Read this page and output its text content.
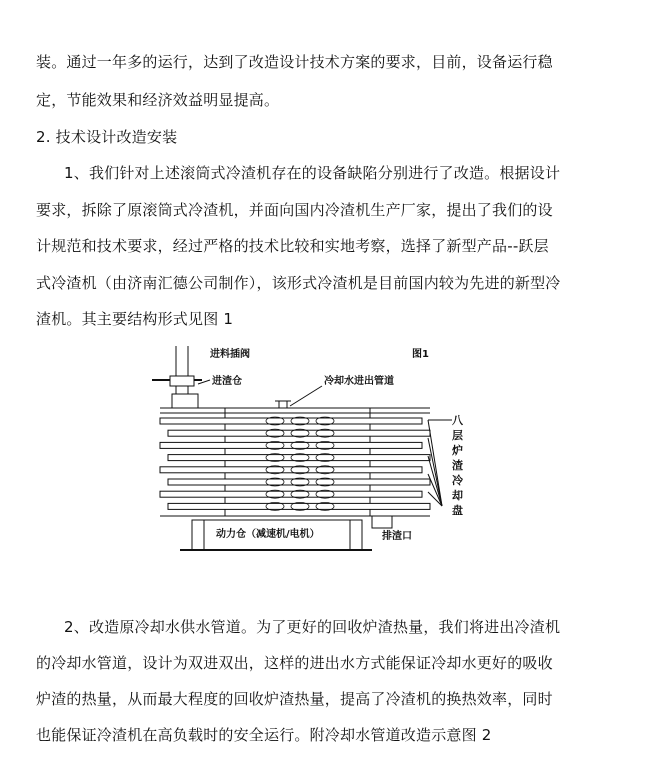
装。通过一年多的运行，达到了改造设计技术方案的要求，目前，设备运行稳
定，节能效果和经济效益明显提高。
2. 技术设计改造安装
1、我们针对上述滚筒式冷渣机存在的设备缺陷分别进行了改造。根据设计
要求，拆除了原滚筒式冷渣机，并面向国内冷渣机生产厂家，提出了我们的设
计规范和技术要求，经过严格的技术比较和实地考察，选择了新型产品--跃层
式冷渣机（由济南汇德公司制作），该形式冷渣机是目前国内较为先进的新型冷
渣机。其主要结构形式见图 1
进料插阀	图1
进渣仓	冷却水进出管道
八
层
炉
渣
冷
却
盘
动力仓（减速机/电机）	排渣口
2、改造原冷却水供水管道。为了更好的回收炉渣热量，我们将进出冷渣机
的冷却水管道，设计为双进双出，这样的进出水方式能保证冷却水更好的吸收
炉渣的热量，从而最大程度的回收炉渣热量，提高了冷渣机的换热效率，同时
也能保证冷渣机在高负载时的安全运行。附冷却水管道改造示意图 2
